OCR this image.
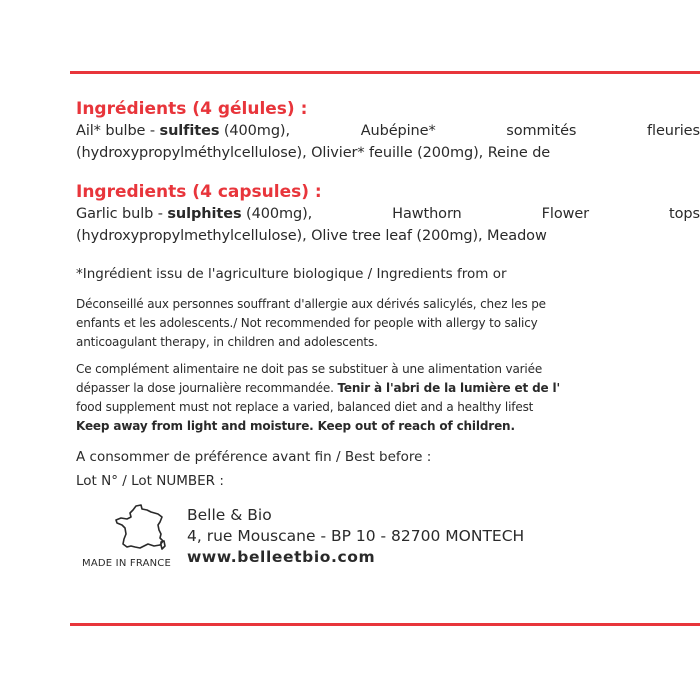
Ingrédients (4 gélules) :
Ail* bulbe - sulfites (400mg),	Aubépine*	sommités	fleuries
(hydroxypropylméthylcellulose), Olivier* feuille (200mg), Reine de
Ingredients (4 capsules) :
Garlic bulb - sulphites (400mg),	Hawthorn	Flower	tops
(hydroxypropylmethylcellulose), Olive tree leaf (200mg), Meadow
*Ingrédient issu de l'agriculture biologique / Ingredients from or
Déconseillé aux personnes souffrant d'allergie aux dérivés salicylés, chez les pe
enfants et les adolescents./ Not recommended for people with allergy to salicy
anticoagulant therapy, in children and adolescents.
Ce complément alimentaire ne doit pas se substituer à une alimentation variée
dépasser la dose journalière recommandée. Tenir à l'abri de la lumière et de l'
food supplement must not replace a varied, balanced diet and a healthy lifest
Keep away from light and moisture. Keep out of reach of children.
A consommer de préférence avant fin / Best before :
Lot N° / Lot NUMBER :
MADE IN FRANCE
Belle & Bio
4, rue Mouscane - BP 10 - 82700 MONTECH
www.belleetbio.com
